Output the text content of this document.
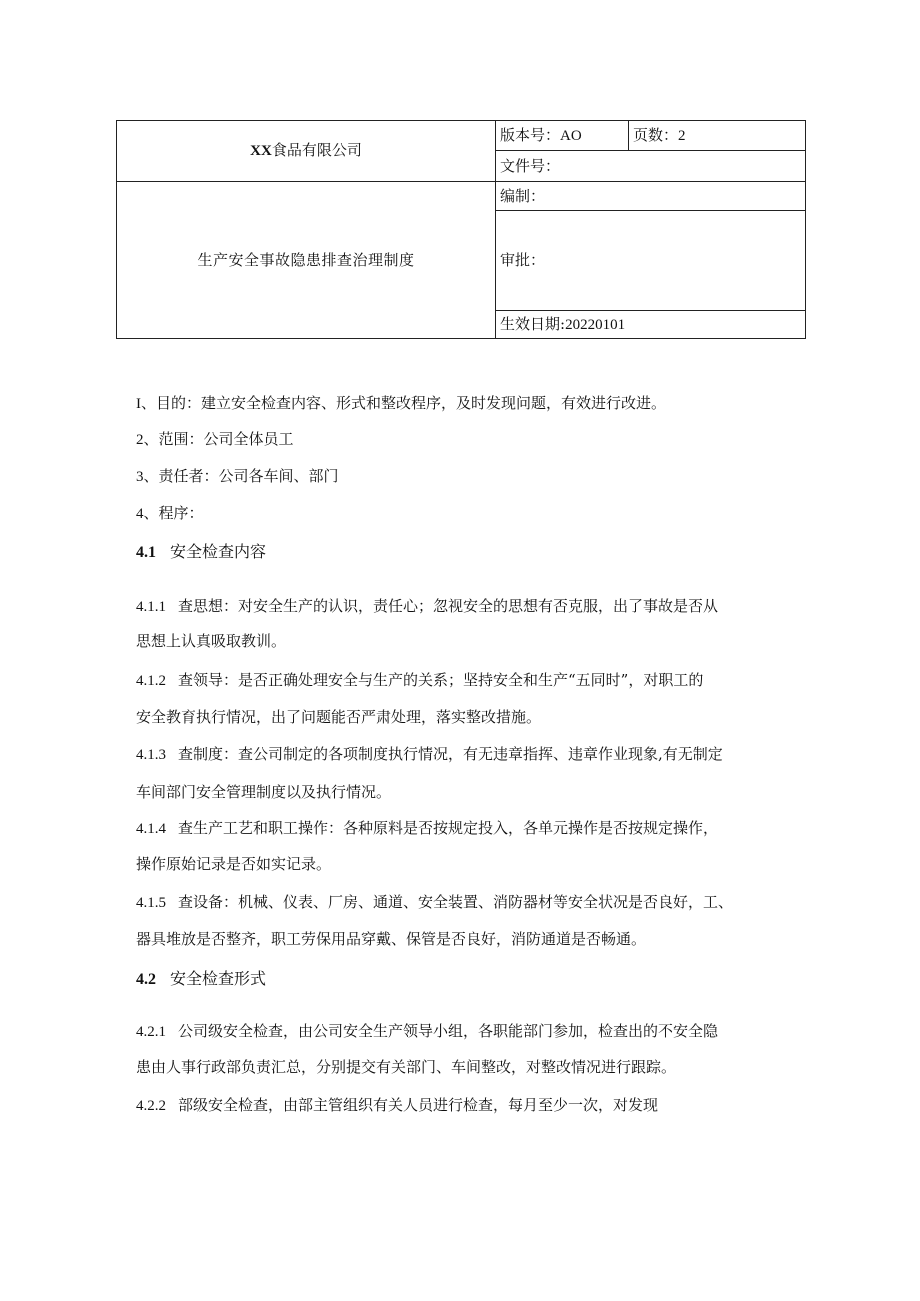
XX食品有限公司	版本号：AO	页数：2
	文件号：	
生产安全事故隐患排查治理制度	编制：	
	审批：	
	生效日期:20220101	
I、目的：建立安全检查内容、形式和整改程序，及时发现问题，有效进行改进。
2、范围：公司全体员工
3、责任者：公司各车间、部门
4、程序：
4.1 安全检查内容
4.1.1 查思想：对安全生产的认识，责任心；忽视安全的思想有否克服，出了事故是否从
思想上认真吸取教训。
4.1.2 查领导：是否正确处理安全与生产的关系；坚持安全和生产“五同时”，对职工的
安全教育执行情况，出了问题能否严肃处理，落实整改措施。
4.1.3 查制度：查公司制定的各项制度执行情况，有无违章指挥、违章作业现象,有无制定
车间部门安全管理制度以及执行情况。
4.1.4 查生产工艺和职工操作：各种原料是否按规定投入，各单元操作是否按规定操作，
操作原始记录是否如实记录。
4.1.5 查设备：机械、仪表、厂房、通道、安全装置、消防器材等安全状况是否良好，工、
器具堆放是否整齐，职工劳保用品穿戴、保管是否良好，消防通道是否畅通。
4.2 安全检查形式
4.2.1 公司级安全检查，由公司安全生产领导小组，各职能部门参加，检查出的不安全隐
患由人事行政部负责汇总，分别提交有关部门、车间整改，对整改情况进行跟踪。
4.2.2 部级安全检查，由部主管组织有关人员进行检查，每月至少一次，对发现
